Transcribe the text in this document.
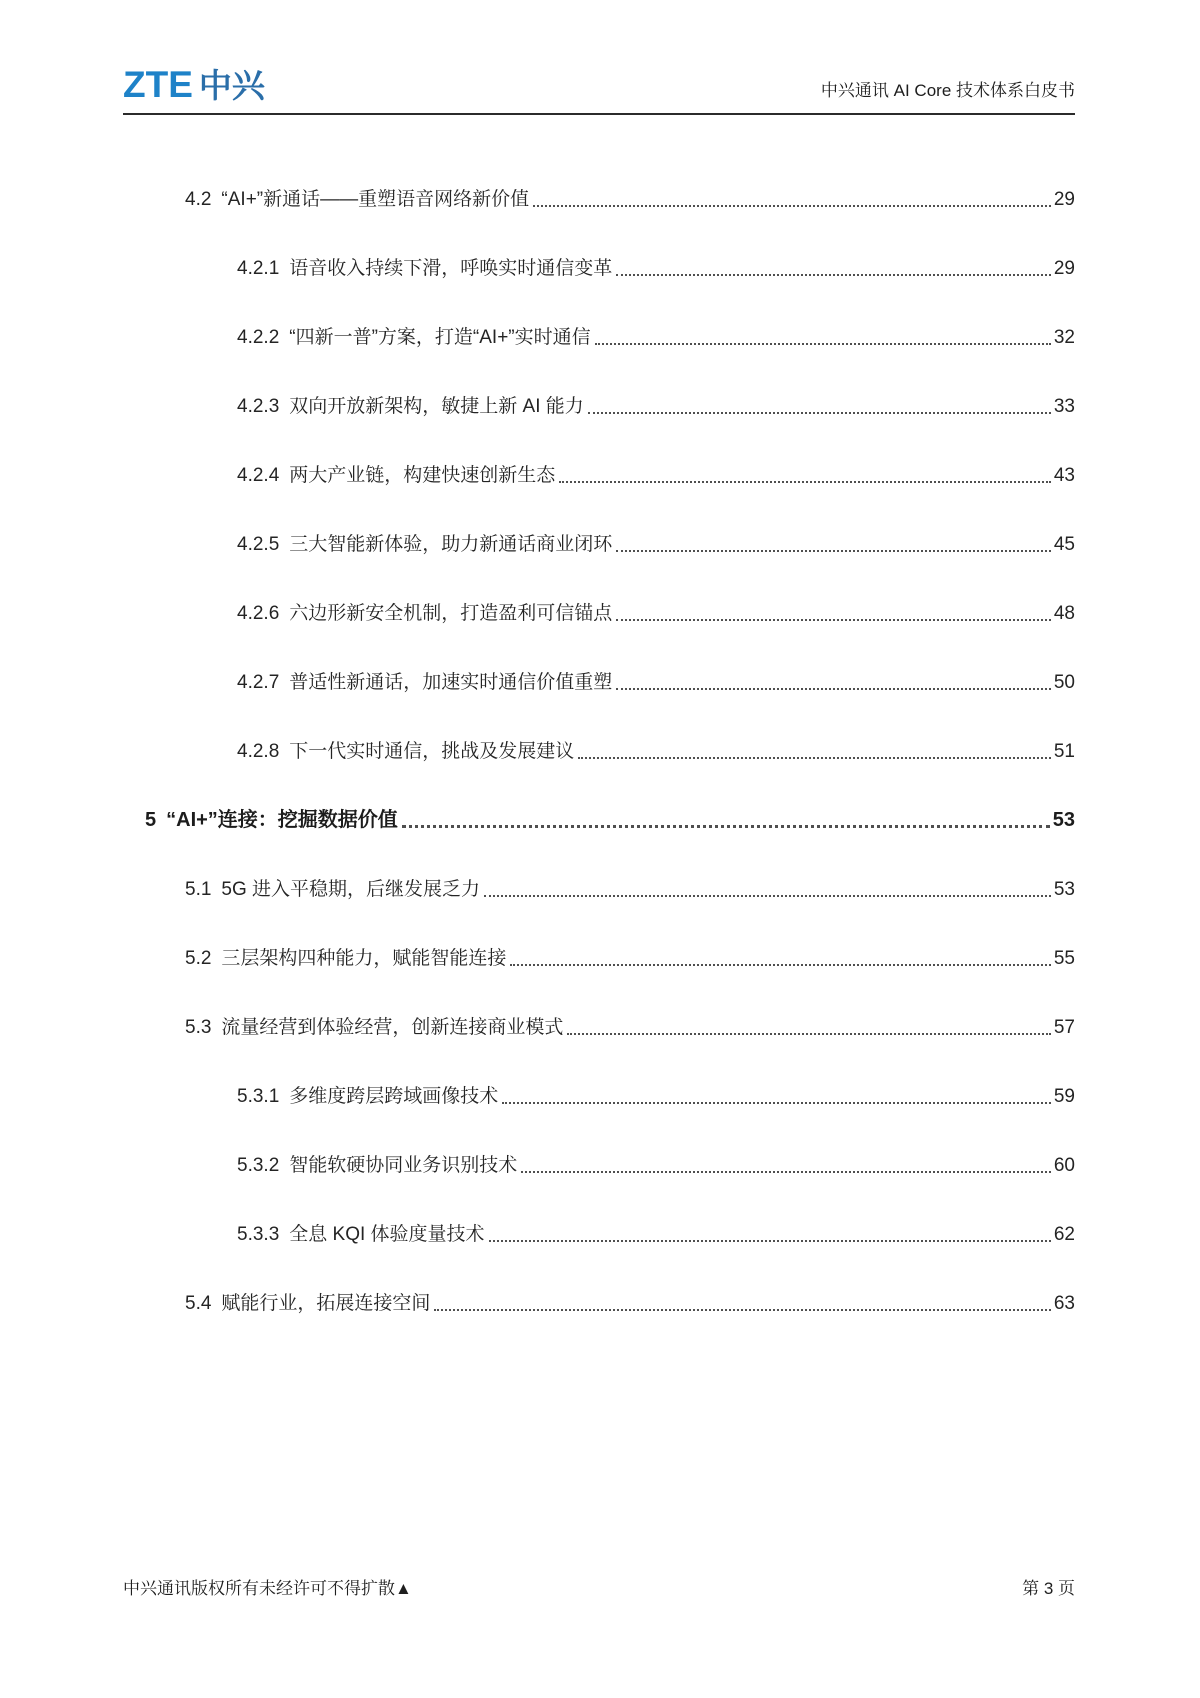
ZTE 中兴	中兴通讯 AI Core 技术体系白皮书
4.2 “AI+”新通话——重塑语音网络新价值	29
4.2.1 语音收入持续下滑，呼唤实时通信变革	29
4.2.2 “四新一普”方案，打造“AI+”实时通信	32
4.2.3 双向开放新架构，敏捷上新 AI 能力	33
4.2.4 两大产业链，构建快速创新生态	43
4.2.5 三大智能新体验，助力新通话商业闭环	45
4.2.6 六边形新安全机制，打造盈利可信锚点	48
4.2.7 普适性新通话，加速实时通信价值重塑	50
4.2.8 下一代实时通信，挑战及发展建议	51
5 “AI+”连接：挖掘数据价值	53
5.1 5G 进入平稳期，后继发展乏力	53
5.2 三层架构四种能力，赋能智能连接	55
5.3 流量经营到体验经营，创新连接商业模式	57
5.3.1 多维度跨层跨域画像技术	59
5.3.2 智能软硬协同业务识别技术	60
5.3.3 全息 KQI 体验度量技术	62
5.4 赋能行业，拓展连接空间	63
中兴通讯版权所有未经许可不得扩散▲	第 3 页
